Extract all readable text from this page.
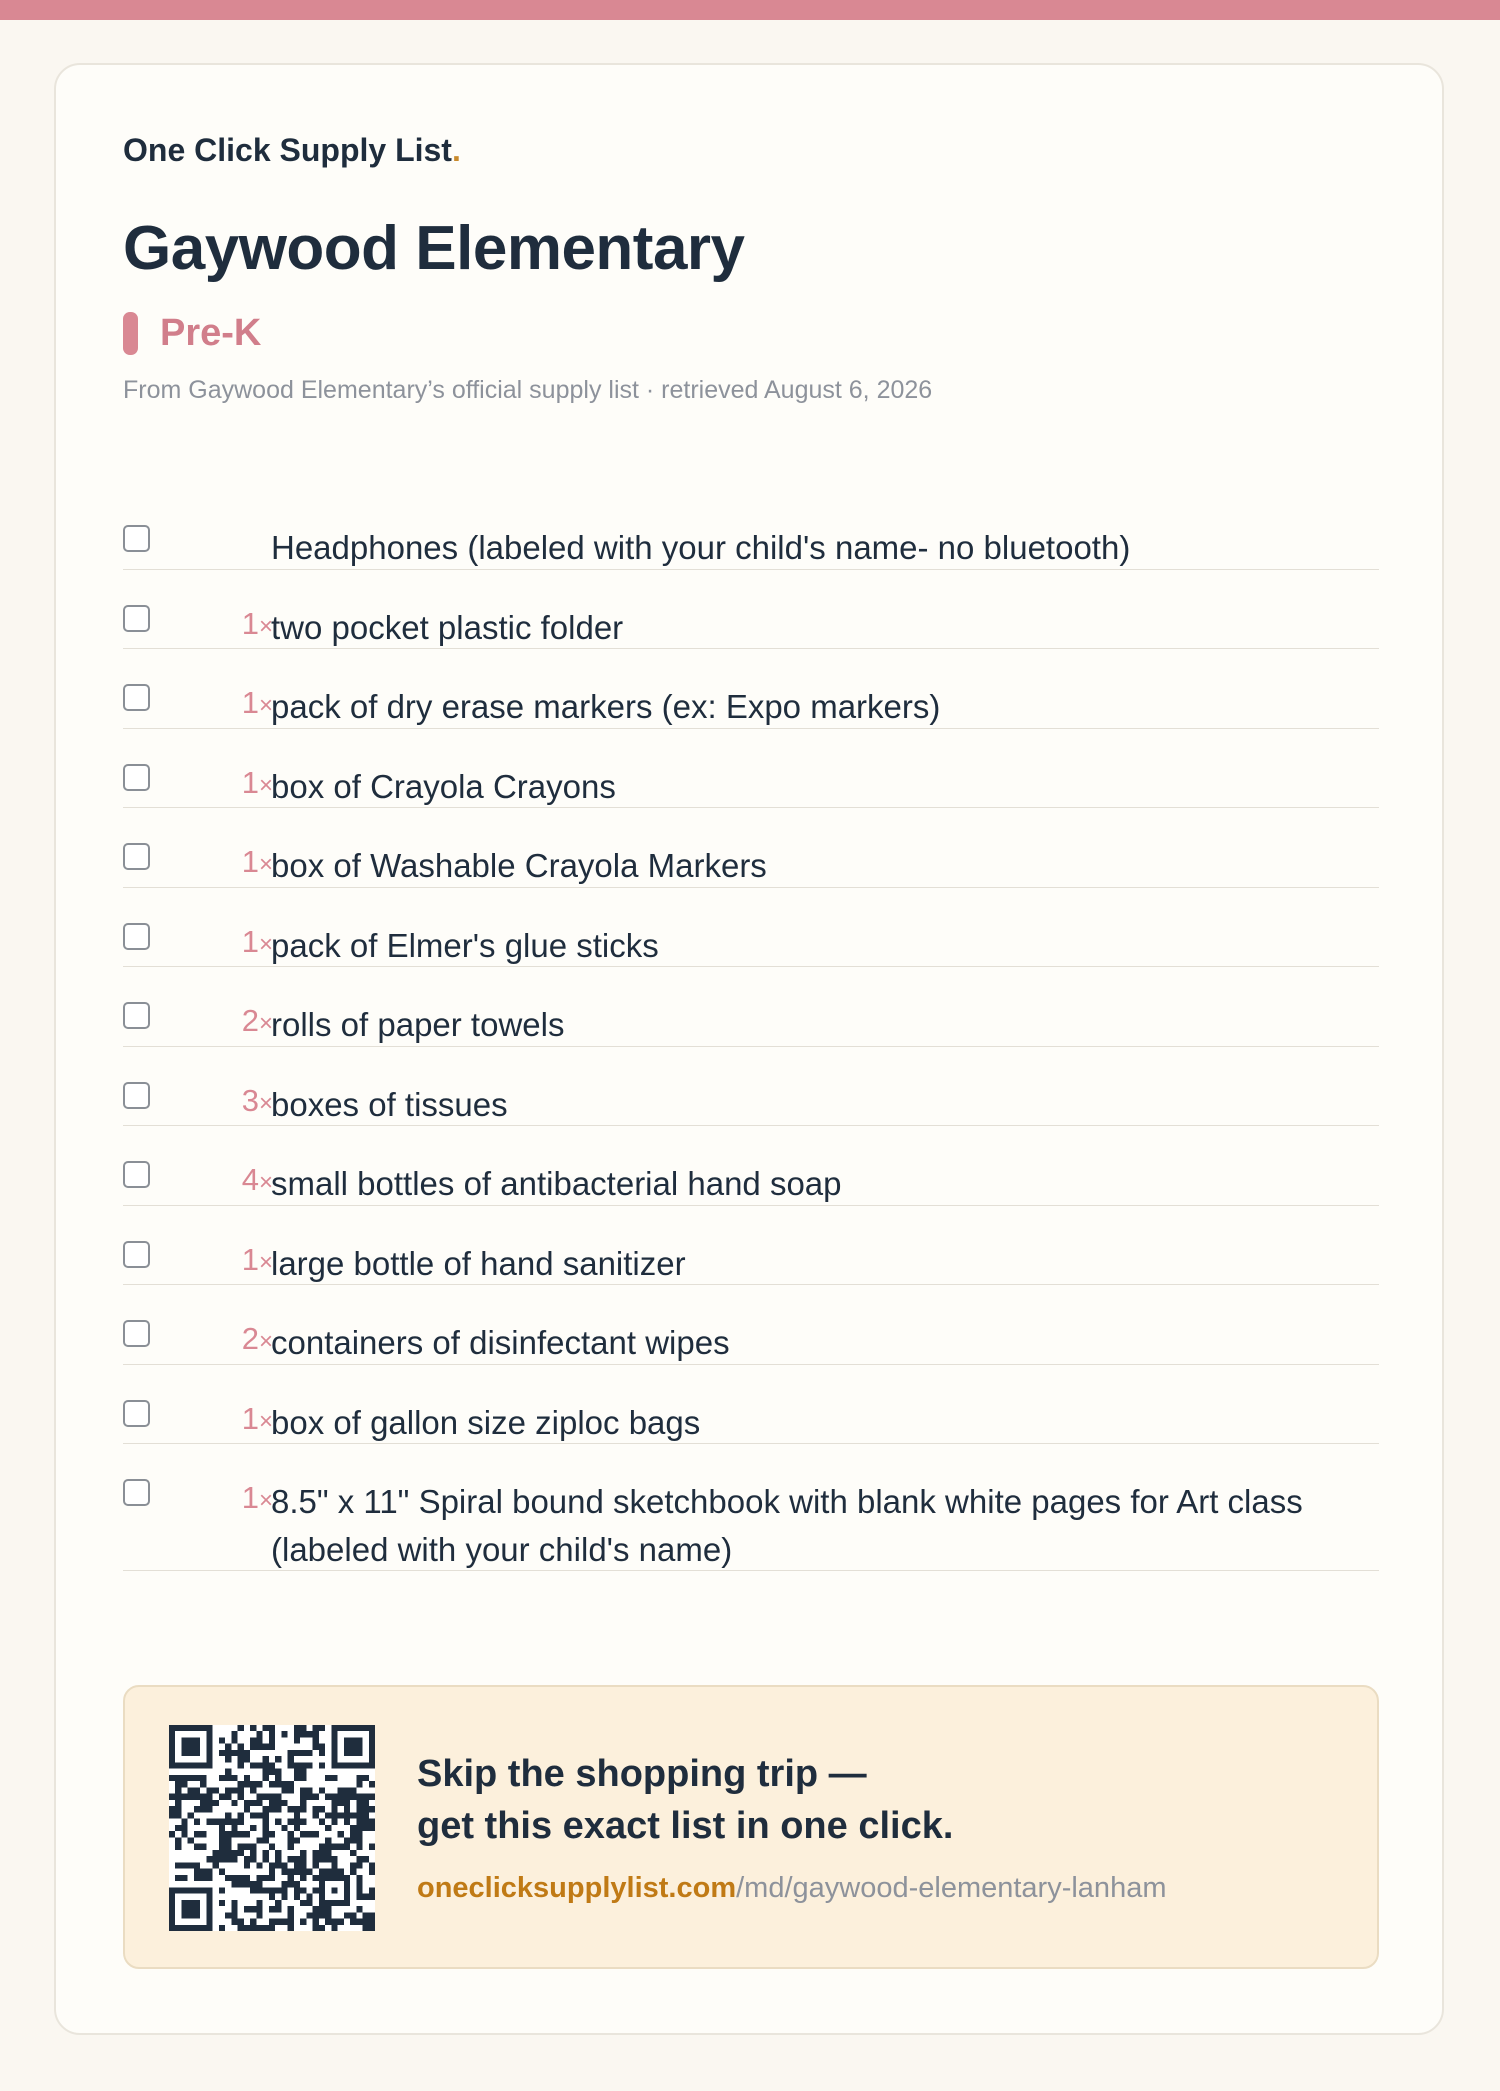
One Click Supply List.
Gaywood Elementary
Pre-K
From Gaywood Elementary’s official supply list · retrieved August 6, 2026
Headphones (labeled with your child's name- no bluetooth)
1×
two pocket plastic folder
1×
pack of dry erase markers (ex: Expo markers)
1×
box of Crayola Crayons
1×
box of Washable Crayola Markers
1×
pack of Elmer's glue sticks
2×
rolls of paper towels
3×
boxes of tissues
4×
small bottles of antibacterial hand soap
1×
large bottle of hand sanitizer
2×
containers of disinfectant wipes
1×
box of gallon size ziploc bags
1×
8.5" x 11" Spiral bound sketchbook with blank white pages for Art class (labeled with your child's name)
Skip the shopping trip —
get this exact list in one click.
oneclicksupplylist.com/md/gaywood-elementary-lanham
